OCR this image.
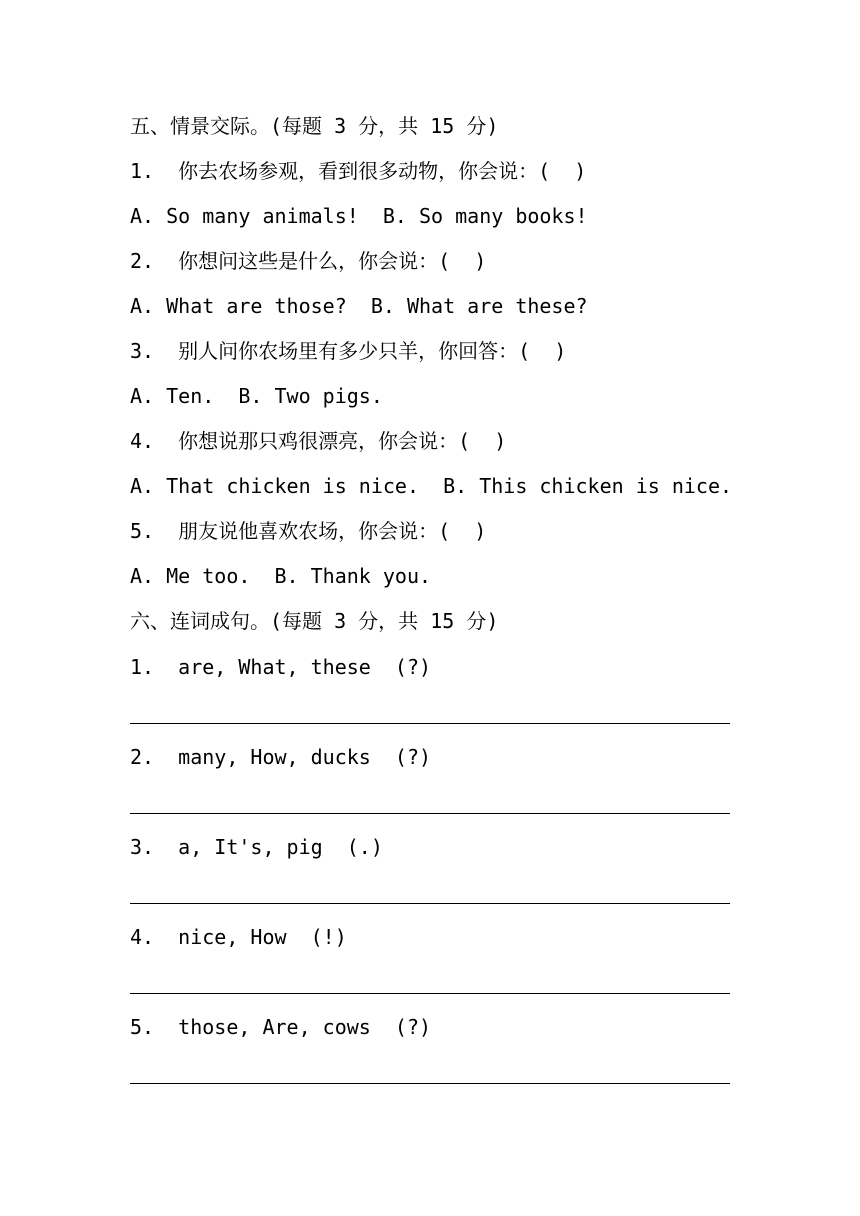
五、情景交际。(每题 3 分，共 15 分)
1.  你去农场参观，看到很多动物，你会说：(  )
A. So many animals!  B. So many books!
2.  你想问这些是什么，你会说：(  )
A. What are those?  B. What are these?
3.  别人问你农场里有多少只羊，你回答：(  )
A. Ten.  B. Two pigs.
4.  你想说那只鸡很漂亮，你会说：(  )
A. That chicken is nice.  B. This chicken is nice.
5.  朋友说他喜欢农场，你会说：(  )
A. Me too.  B. Thank you.
六、连词成句。(每题 3 分，共 15 分)
1.  are, What, these  (?)
2.  many, How, ducks  (?)
3.  a, It's, pig  (.)
4.  nice, How  (!)
5.  those, Are, cows  (?)
